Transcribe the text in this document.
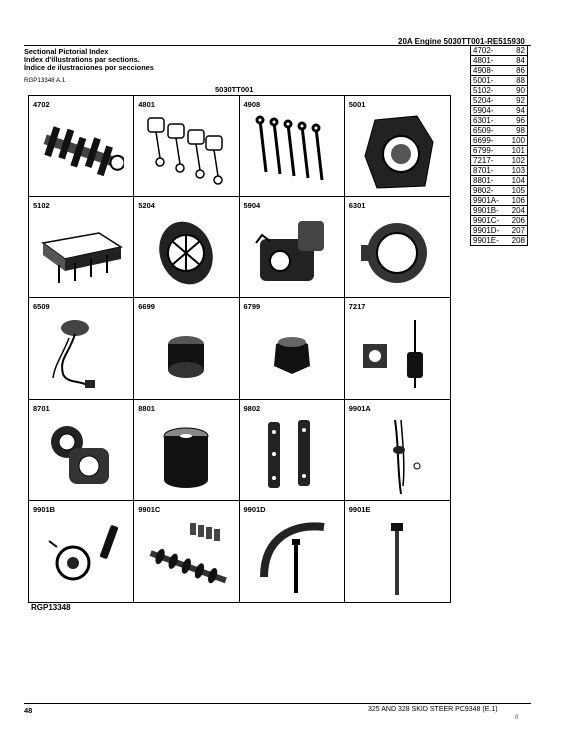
20A Engine 5030TT001-RE515930
Sectional Pictorial Index
Index d'illustrations par sections.
Índice de ilustraciones por secciones
RGP13348 A.1
5030TT001
4702-	82
4801-	84
4908-	86
5001-	88
5102-	90
5204-	92
5904-	94
6301-	96
6509-	98
6699- 100
6799- 101
7217- 102
8701- 103
8801- 104
9802- 105
9901A- 106
9901B- 204
9901C- 206
9901D- 207
9901E- 208
4702	4801	4908	5001
5102	5204	5904	6301
6509	6699	6799	7217
8701	8801	9802	9901A
9901B	9901C	9901D	9901E
RGP13348
48	325 AND 328 SKID STEER PC9348 (E.1)
0
